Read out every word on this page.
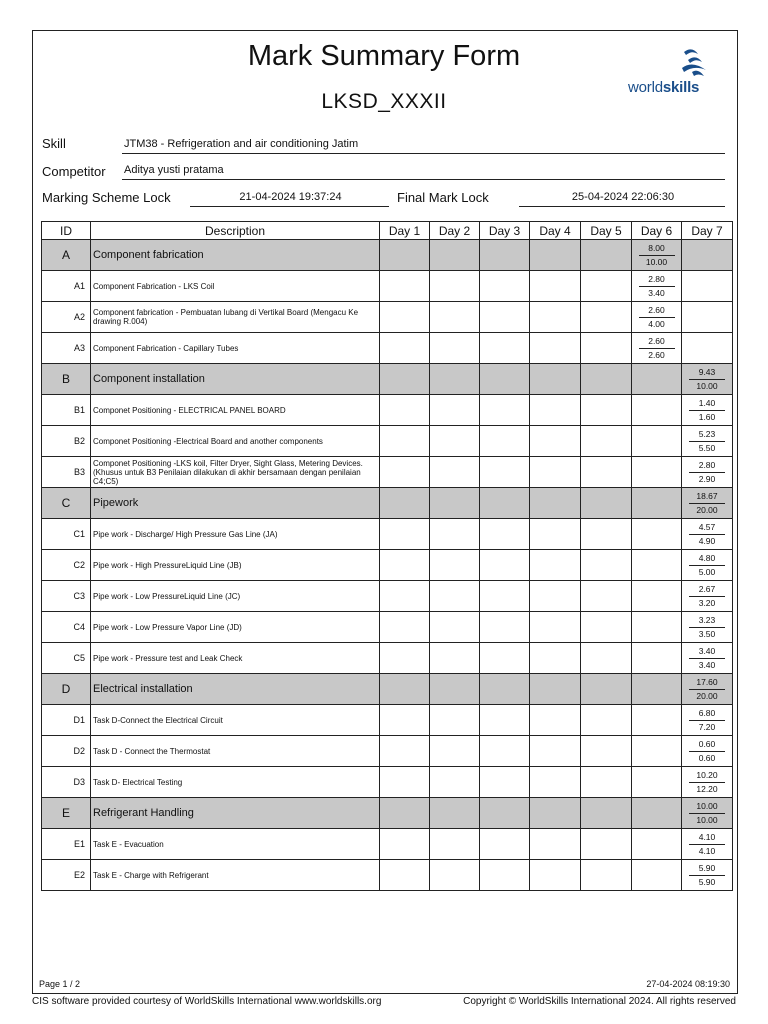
Mark Summary Form
LKSD_XXXII
worldskills
Skill	JTM38 - Refrigeration and air conditioning Jatim
Competitor Aditya yusti pratama
Marking Scheme Lock	21-04-2024 19:37:24	Final Mark Lock	25-04-2024 22:06:30
ID	Description	Day 1	Day 2	Day 3	Day 4	Day 5	Day 6	Day 7
A	Component fabrication						8.00
10.00	

A1	Component Fabrication - LKS Coil						2.80
3.40	

A2	Component fabrication - Pembuatan lubang di Vertikal Board (Mengacu Ke drawing R.004)						2.60
4.00	

A3	Component Fabrication - Capillary Tubes						2.60
2.60	

B	Component installation							9.43
10.00

B1	Componet Positioning - ELECTRICAL PANEL BOARD							1.40
1.60

B2	Componet Positioning -Electrical Board and another components							5.23
5.50

B3	Componet Positioning -LKS koil, Filter Dryer, Sight Glass, Metering Devices. (Khusus untuk B3 Penilaian dilakukan di akhir bersamaan dengan penilaian C4;C5)							2.80
2.90

C	Pipework							18.67
20.00

C1	Pipe work - Discharge/ High Pressure Gas Line (JA)							4.57
4.90

C2	Pipe work - High PressureLiquid Line (JB)							4.80
5.00

C3	Pipe work - Low PressureLiquid Line (JC)							2.67
3.20

C4	Pipe work - Low Pressure Vapor Line (JD)							3.23
3.50

C5	Pipe work - Pressure test and Leak Check							3.40
3.40

D	Electrical installation							17.60
20.00

D1	Task D-Connect the Electrical Circuit							6.80
7.20

D2	Task D - Connect the Thermostat							0.60
0.60

D3	Task D- Electrical Testing							10.20
12.20

E	Refrigerant Handling							10.00
10.00

E1	Task E - Evacuation							4.10
4.10

E2	Task E - Charge with Refrigerant							5.90
5.90
Page 1 / 2	27-04-2024 08:19:30
CIS software provided courtesy of WorldSkills International www.worldskills.org	Copyright © WorldSkills International 2024. All rights reserved
